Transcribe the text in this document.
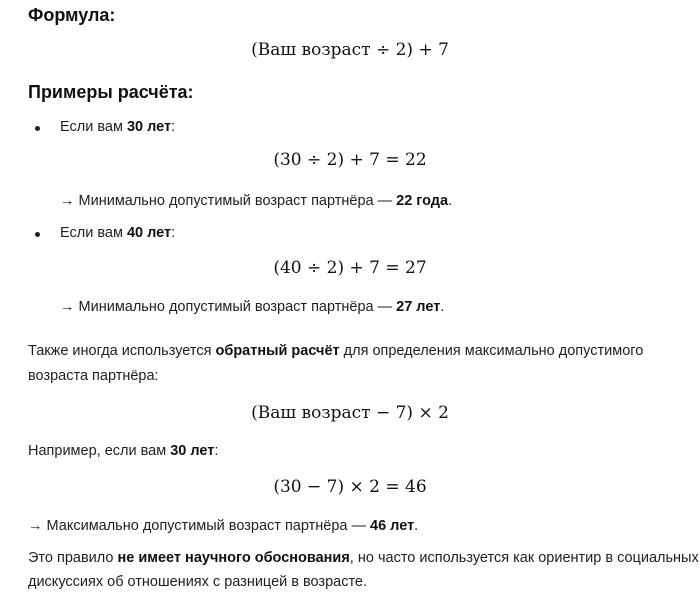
Формула:
(Ваш возраст ÷ 2) + 7
Примеры расчёта:
Если вам 30 лет:
(30 ÷ 2) + 7 = 22
→ Минимально допустимый возраст партнёра — 22 года.
Если вам 40 лет:
(40 ÷ 2) + 7 = 27
→ Минимально допустимый возраст партнёра — 27 лет.
Также иногда используется обратный расчёт для определения максимально допустимого
возраста партнёра:
(Ваш возраст − 7) × 2
Например, если вам 30 лет:
(30 − 7) × 2 = 46
→ Максимально допустимый возраст партнёра — 46 лет.
Это правило не имеет научного обоснования, но часто используется как ориентир в социальных
дискуссиях об отношениях с разницей в возрасте.
